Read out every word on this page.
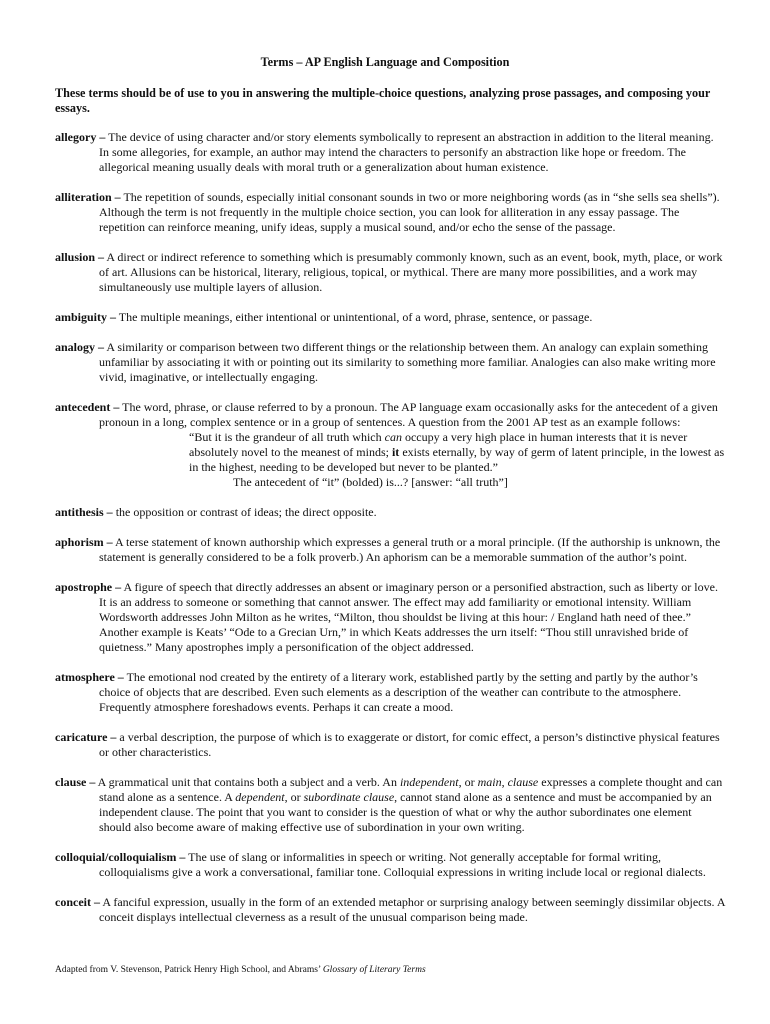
Terms – AP English Language and Composition
These terms should be of use to you in answering the multiple-choice questions, analyzing prose passages, and composing your essays.

allegory – The device of using character and/or story elements symbolically to represent an abstraction in addition to the literal meaning. In some allegories, for example, an author may intend the characters to personify an abstraction like hope or freedom. The allegorical meaning usually deals with moral truth or a generalization about human existence.

alliteration – The repetition of sounds, especially initial consonant sounds in two or more neighboring words (as in “she sells sea shells”). Although the term is not frequently in the multiple choice section, you can look for alliteration in any essay passage. The repetition can reinforce meaning, unify ideas, supply a musical sound, and/or echo the sense of the passage.

allusion – A direct or indirect reference to something which is presumably commonly known, such as an event, book, myth, place, or work of art. Allusions can be historical, literary, religious, topical, or mythical. There are many more possibilities, and a work may simultaneously use multiple layers of allusion.

ambiguity – The multiple meanings, either intentional or unintentional, of a word, phrase, sentence, or passage.

analogy – A similarity or comparison between two different things or the relationship between them. An analogy can explain something unfamiliar by associating it with or pointing out its similarity to something more familiar. Analogies can also make writing more vivid, imaginative, or intellectually engaging.

antecedent – The word, phrase, or clause referred to by a pronoun. The AP language exam occasionally asks for the antecedent of a given pronoun in a long, complex sentence or in a group of sentences. A question from the 2001 AP test as an example follows:
“But it is the grandeur of all truth which can occupy a very high place in human interests that it is never absolutely novel to the meanest of minds; it exists eternally, by way of germ of latent principle, in the lowest as in the highest, needing to be developed but never to be planted.”
The antecedent of “it” (bolded) is...? [answer: “all truth”]

antithesis – the opposition or contrast of ideas; the direct opposite.

aphorism – A terse statement of known authorship which expresses a general truth or a moral principle. (If the authorship is unknown, the statement is generally considered to be a folk proverb.) An aphorism can be a memorable summation of the author’s point.

apostrophe – A figure of speech that directly addresses an absent or imaginary person or a personified abstraction, such as liberty or love. It is an address to someone or something that cannot answer. The effect may add familiarity or emotional intensity. William Wordsworth addresses John Milton as he writes, “Milton, thou shouldst be living at this hour: / England hath need of thee.” Another example is Keats’ “Ode to a Grecian Urn,” in which Keats addresses the urn itself: “Thou still unravished bride of quietness.” Many apostrophes imply a personification of the object addressed.

atmosphere – The emotional nod created by the entirety of a literary work, established partly by the setting and partly by the author’s choice of objects that are described. Even such elements as a description of the weather can contribute to the atmosphere. Frequently atmosphere foreshadows events. Perhaps it can create a mood.

caricature – a verbal description, the purpose of which is to exaggerate or distort, for comic effect, a person’s distinctive physical features or other characteristics.

clause – A grammatical unit that contains both a subject and a verb. An independent, or main, clause expresses a complete thought and can stand alone as a sentence. A dependent, or subordinate clause, cannot stand alone as a sentence and must be accompanied by an independent clause. The point that you want to consider is the question of what or why the author subordinates one element should also become aware of making effective use of subordination in your own writing.

colloquial/colloquialism – The use of slang or informalities in speech or writing. Not generally acceptable for formal writing, colloquialisms give a work a conversational, familiar tone. Colloquial expressions in writing include local or regional dialects.

conceit – A fanciful expression, usually in the form of an extended metaphor or surprising analogy between seemingly dissimilar objects. A conceit displays intellectual cleverness as a result of the unusual comparison being made.

Adapted from V. Stevenson, Patrick Henry High School, and Abrams’ Glossary of Literary Terms
